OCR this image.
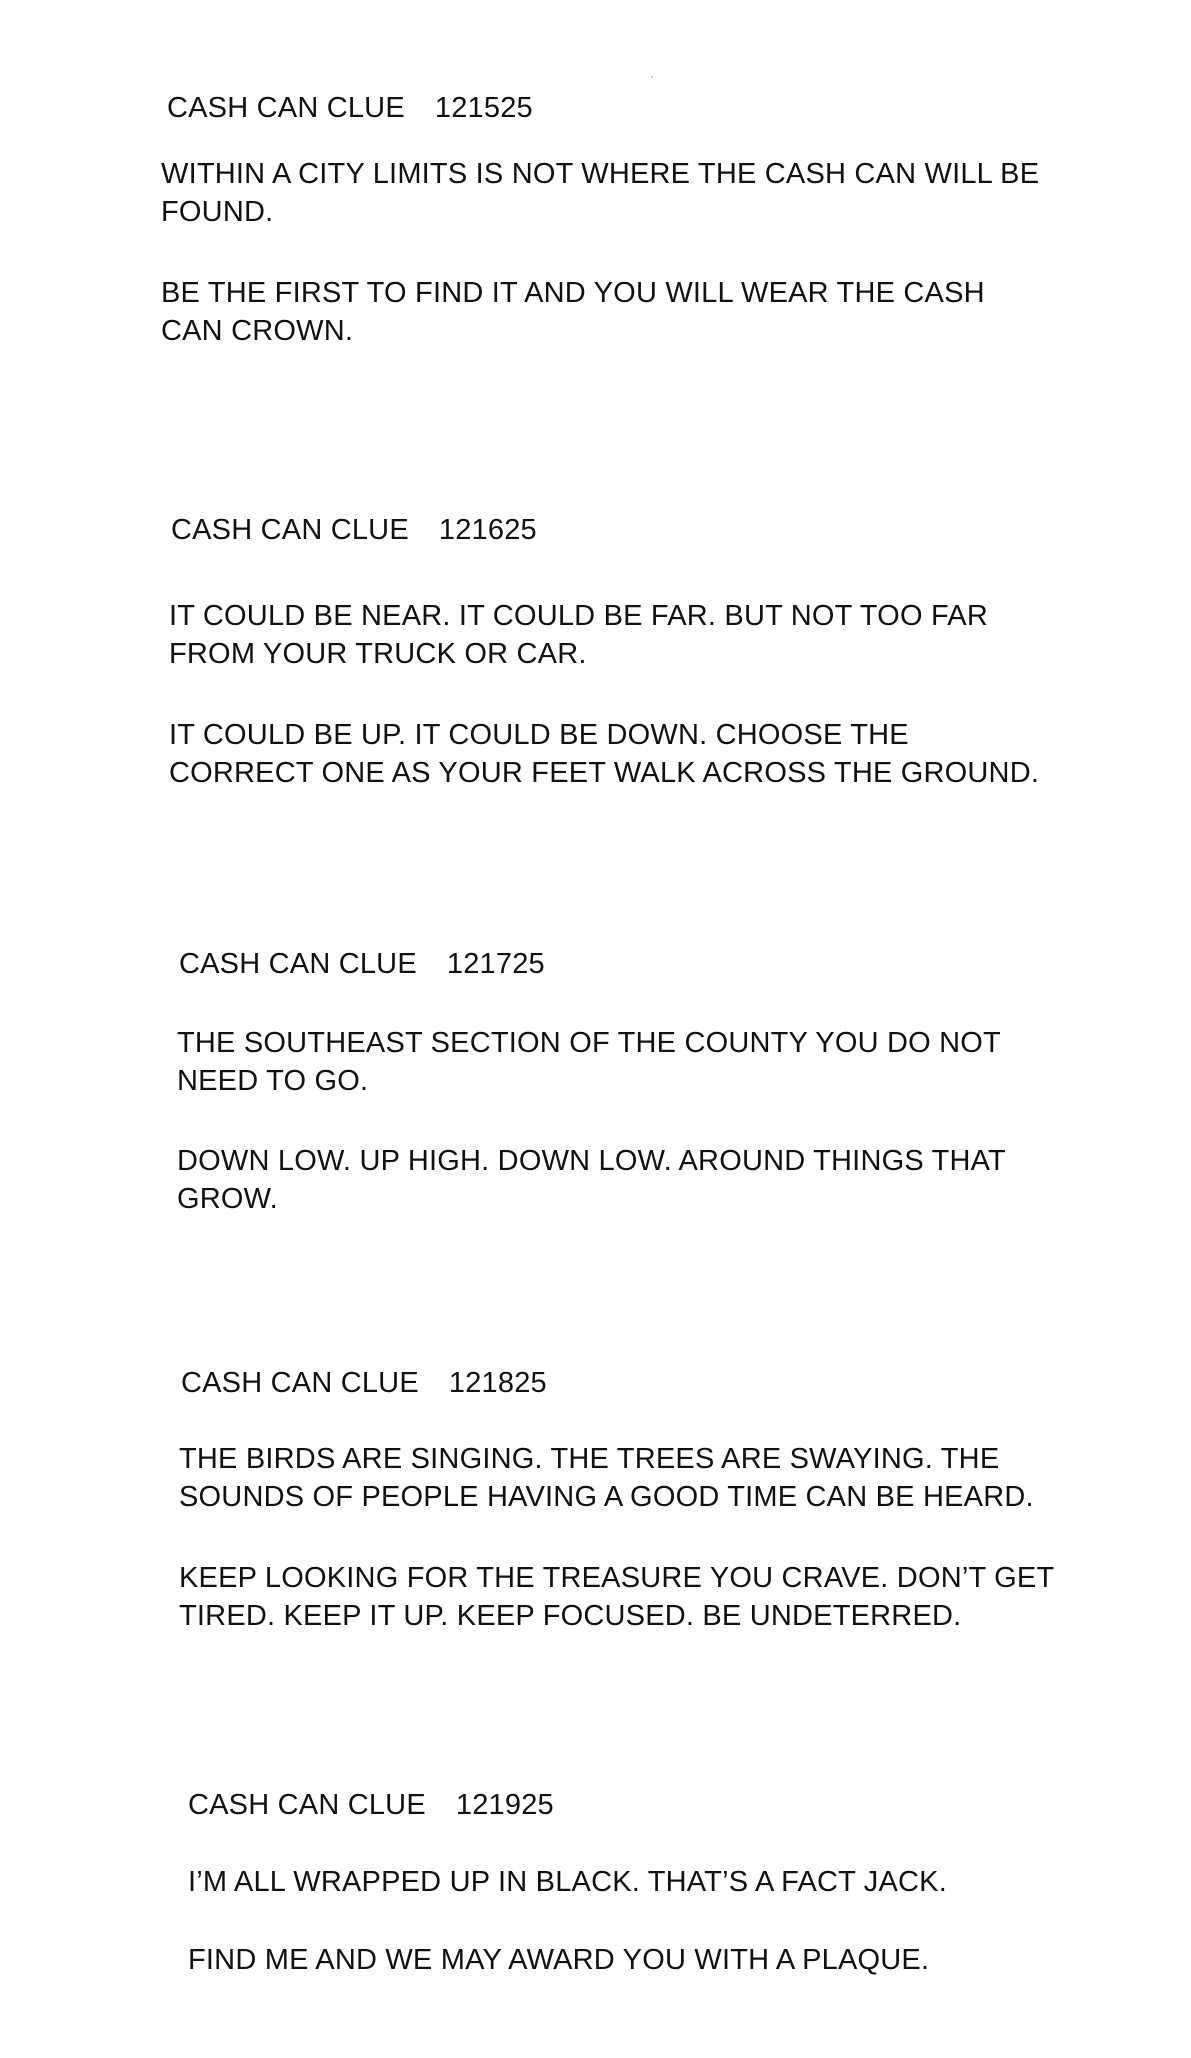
CASH CAN CLUE 121525

WITHIN A CITY LIMITS IS NOT WHERE THE CASH CAN WILL BE FOUND.

BE THE FIRST TO FIND IT AND YOU WILL WEAR THE CASH CAN CROWN.

CASH CAN CLUE 121625

IT COULD BE NEAR. IT COULD BE FAR. BUT NOT TOO FAR FROM YOUR TRUCK OR CAR.

IT COULD BE UP. IT COULD BE DOWN. CHOOSE THE CORRECT ONE AS YOUR FEET WALK ACROSS THE GROUND.

CASH CAN CLUE 121725

THE SOUTHEAST SECTION OF THE COUNTY YOU DO NOT NEED TO GO.

DOWN LOW. UP HIGH. DOWN LOW. AROUND THINGS THAT GROW.

CASH CAN CLUE 121825

THE BIRDS ARE SINGING. THE TREES ARE SWAYING. THE SOUNDS OF PEOPLE HAVING A GOOD TIME CAN BE HEARD.

KEEP LOOKING FOR THE TREASURE YOU CRAVE. DON’T GET TIRED. KEEP IT UP. KEEP FOCUSED. BE UNDETERRED.

CASH CAN CLUE 121925

I’M ALL WRAPPED UP IN BLACK. THAT’S A FACT JACK.

FIND ME AND WE MAY AWARD YOU WITH A PLAQUE.
